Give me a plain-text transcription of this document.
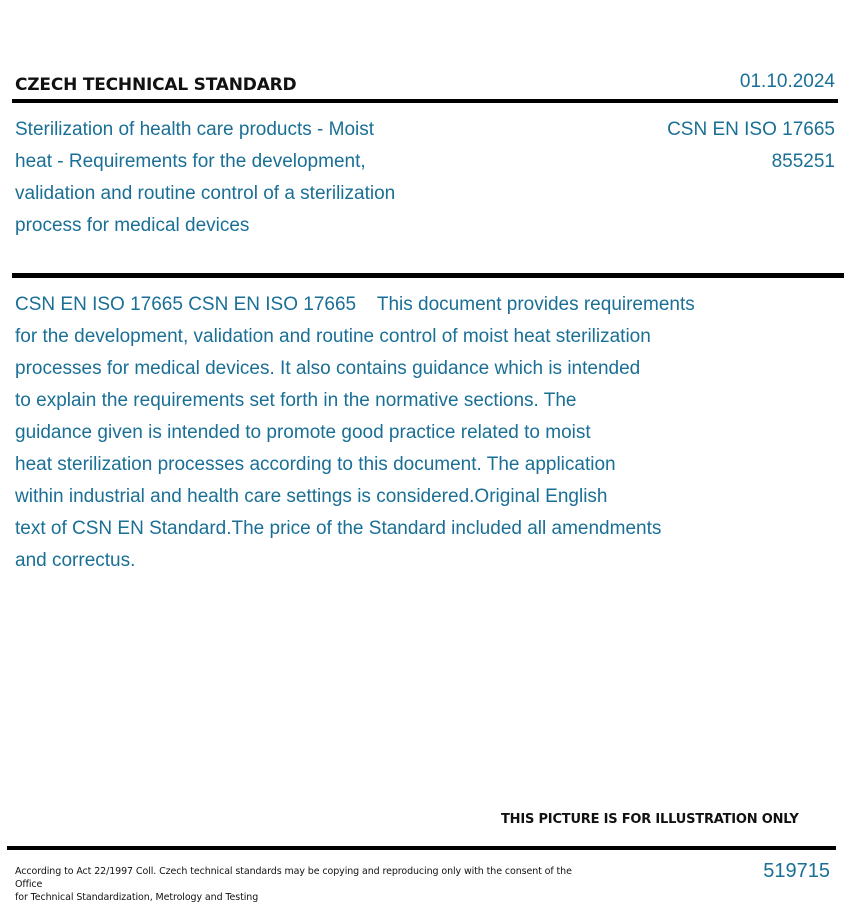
CZECH TECHNICAL STANDARD	01.10.2024
Sterilization of health care products - Moist
heat - Requirements for the development,
validation and routine control of a sterilization
process for medical devices
CSN EN ISO 17665
855251

CSN EN ISO 17665 CSN EN ISO 17665    This document provides requirements

for the development, validation and routine control of moist heat sterilization

processes for medical devices. It also contains guidance which is intended

to explain the requirements set forth in the normative sections. The

guidance given is intended to promote good practice related to moist

heat sterilization processes according to this document. The application

within industrial and health care settings is considered.Original English

text of CSN EN Standard.The price of the Standard included all amendments

and correctus.

THIS PICTURE IS FOR ILLUSTRATION ONLY
According to Act 22/1997 Coll. Czech technical standards may be copying and reproducing only with the consent of the Office
for Technical Standardization, Metrology and Testing
519715
